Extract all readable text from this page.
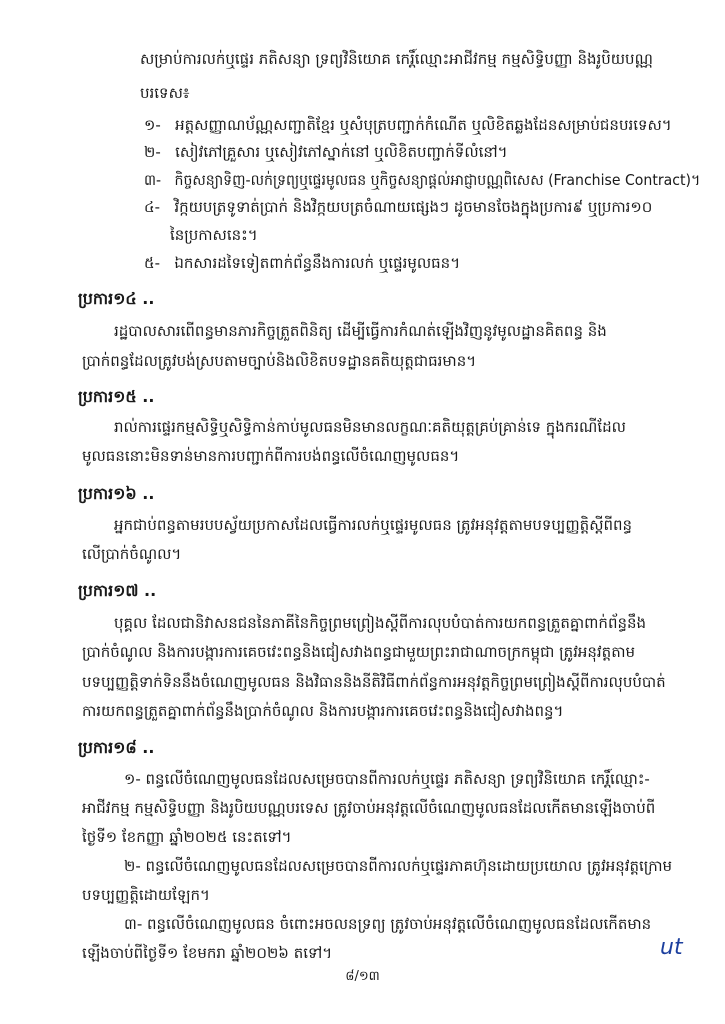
សម្រាប់ការលក់ឬផ្ទេរ ភតិសន្យា ទ្រព្យវិនិយោគ កេរ្តិ៍ឈ្មោះអាជីវកម្ម កម្មសិទ្ធិបញ្ញា និងរូបិយបណ្ណ
បរទេស៖
១- អត្តសញ្ញាណប័ណ្ណសញ្ជាតិខ្មែរ ឬសំបុត្របញ្ជាក់កំណើត ឬលិខិតឆ្លងដែនសម្រាប់ជនបរទេស។
២- សៀវភៅគ្រួសារ ឬសៀវភៅស្នាក់នៅ ឬលិខិតបញ្ជាក់ទីលំនៅ។
៣- កិច្ចសន្យាទិញ-លក់ទ្រព្យឬផ្ទេរមូលធន ឬកិច្ចសន្យាផ្ដល់អាជ្ញាបណ្ណពិសេស (Franchise Contract)។
៤- វិក្កយបត្រទូទាត់ប្រាក់ និងវិក្កយបត្រចំណាយផ្សេងៗ ដូចមានចែងក្នុងប្រការ៩ ឬប្រការ១០
នៃប្រកាសនេះ។
៥- ឯកសារដទៃទៀតពាក់ព័ន្ធនឹងការលក់ ឬផ្ទេរមូលធន។
ប្រការ១៤ ..
រដ្ឋបាលសារពើពន្ធមានភារកិច្ចត្រួតពិនិត្យ ដើម្បីធ្វើការកំណត់ឡើងវិញនូវមូលដ្ឋានគិតពន្ធ និង
ប្រាក់ពន្ធដែលត្រូវបង់ស្របតាមច្បាប់និងលិខិតបទដ្ឋានគតិយុត្តជាធរមាន។
ប្រការ១៥ ..
រាល់ការផ្ទេរកម្មសិទ្ធិឬសិទ្ធិកាន់កាប់មូលធនមិនមានលក្ខណៈគតិយុត្តគ្រប់គ្រាន់ទេ ក្នុងករណីដែល
មូលធននោះមិនទាន់មានការបញ្ជាក់ពីការបង់ពន្ធលើចំណេញមូលធន។
ប្រការ១៦ ..
អ្នកជាប់ពន្ធតាមរបបស្វ័យប្រកាសដែលធ្វើការលក់ឬផ្ទេរមូលធន ត្រូវអនុវត្តតាមបទប្បញ្ញត្តិស្ដីពីពន្ធ
លើប្រាក់ចំណូល។
ប្រការ១៧ ..
បុគ្គល ដែលជានិវាសនជននៃភាគីនៃកិច្ចព្រមព្រៀងស្ដីពីការលុបបំបាត់ការយកពន្ធត្រួតគ្នាពាក់ព័ន្ធនឹង
ប្រាក់ចំណូល និងការបង្ការការគេចវេះពន្ធនិងជៀសវាងពន្ធជាមួយព្រះរាជាណាចក្រកម្ពុជា ត្រូវអនុវត្តតាម
បទប្បញ្ញត្តិទាក់ទិននឹងចំណេញមូលធន និងវិធាននិងនីតិវិធីពាក់ព័ន្ធការអនុវត្តកិច្ចព្រមព្រៀងស្ដីពីការលុបបំបាត់
ការយកពន្ធត្រួតគ្នាពាក់ព័ន្ធនឹងប្រាក់ចំណូល និងការបង្ការការគេចវេះពន្ធនិងជៀសវាងពន្ធ។
ប្រការ១៨ ..
១- ពន្ធលើចំណេញមូលធនដែលសម្រេចបានពីការលក់ឬផ្ទេរ ភតិសន្យា ទ្រព្យវិនិយោគ កេរ្តិ៍ឈ្មោះ-
អាជីវកម្ម កម្មសិទ្ធិបញ្ញា និងរូបិយបណ្ណបរទេស ត្រូវចាប់អនុវត្តលើចំណេញមូលធនដែលកើតមានឡើងចាប់ពី
ថ្ងៃទី១ ខែកញ្ញា ឆ្នាំ២០២៥ នេះតទៅ។
២- ពន្ធលើចំណេញមូលធនដែលសម្រេចបានពីការលក់ឬផ្ទេរភាគហ៊ុនដោយប្រយោល ត្រូវអនុវត្តក្រោម
បទប្បញ្ញត្តិដោយឡែក។
៣- ពន្ធលើចំណេញមូលធន ចំពោះអចលនទ្រព្យ ត្រូវចាប់អនុវត្តលើចំណេញមូលធនដែលកើតមាន
ឡើងចាប់ពីថ្ងៃទី១ ខែមករា ឆ្នាំ២០២៦ តទៅ។	ut
៨/១៣
